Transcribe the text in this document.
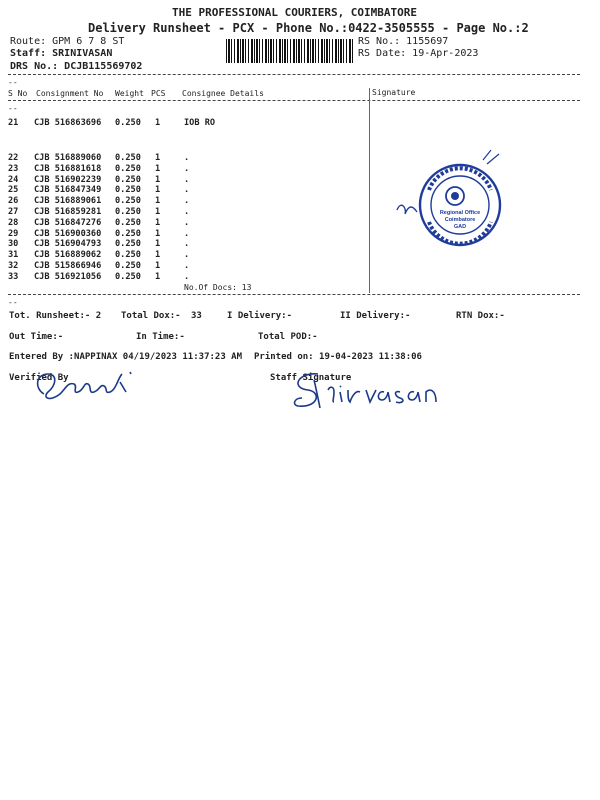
THE PROFESSIONAL COURIERS, COIMBATORE
Delivery Runsheet - PCX - Phone No.:0422-3505555 - Page No.:2
Route: GPM 6 7 8 ST
Staff: SRINIVASAN
DRS No.: DCJB115569702
RS No.: 1155697
RS Date: 19-Apr-2023
--
S No Consignment No Weight PCS Consignee Details	Signature
--
21 CJB 516863696 0.250 1	IOB RO
22 CJB 516889060 0.250 1	.
23 CJB 516881618 0.250 1	.
24 CJB 516902239 0.250 1	.
25 CJB 516847349 0.250 1	.
26 CJB 516889061 0.250 1	.
27 CJB 516859281 0.250 1	.
28 CJB 516847276 0.250 1	.
29 CJB 516900360 0.250 1	.
30 CJB 516904793 0.250 1	.
31 CJB 516889062 0.250 1	.
32 CJB 515866946 0.250 1	.
33 CJB 516921056 0.250 1	.
No.Of Docs: 13
--
Tot. Runsheet:- 2 Total Dox:- 33	I Delivery:-	II Delivery:-	RTN Dox:-
Out Time:-	In Time:-	Total POD:-
Entered By :NAPPINAX 04/19/2023 11:37:23 AM Printed on: 19-04-2023 11:38:06
Verified By	Staff Signature
Regional Office
Coimbatore
GAD
